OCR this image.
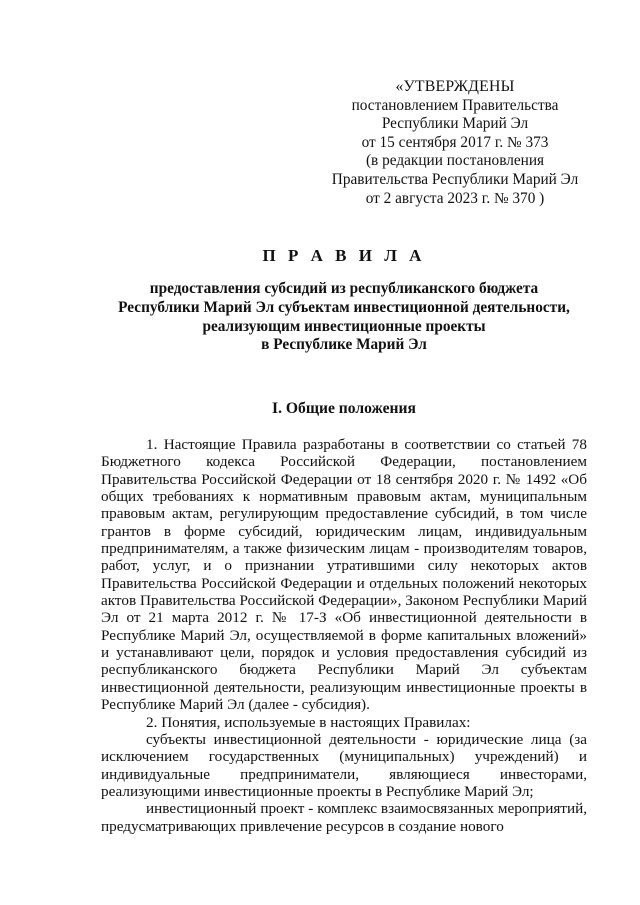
«УТВЕРЖДЕНЫ
постановлением Правительства
Республики Марий Эл
от 15 сентября 2017 г. № 373
(в редакции постановления
Правительства Республики Марий Эл
от 2 августа 2023 г. № 370 )
П Р А В И Л А
предоставления субсидий из республиканского бюджета
Республики Марий Эл субъектам инвестиционной деятельности,
реализующим инвестиционные проекты
в Республике Марий Эл
I. Общие положения

1. Настоящие Правила разработаны в соответствии со статьей 78 Бюджетного кодекса Российской Федерации, постановлением Правительства Российской Федерации от 18 сентября 2020 г. № 1492 «Об общих требованиях к нормативным правовым актам, муниципальным правовым актам, регулирующим предоставление субсидий, в том числе грантов в форме субсидий, юридическим лицам, индивидуальным предпринимателям, а также физическим лицам - производителям товаров, работ, услуг, и о признании утратившими силу некоторых актов Правительства Российской Федерации и отдельных положений некоторых актов Правительства Российской Федерации», Законом Республики Марий Эл от 21 марта 2012 г. № 17-З «Об инвестиционной деятельности в Республике Марий Эл, осуществляемой в форме капитальных вложений» и устанавливают цели, порядок и условия предоставления субсидий из республиканского бюджета Республики Марий Эл субъектам инвестиционной деятельности, реализующим инвестиционные проекты в Республике Марий Эл (далее - субсидия).

2. Понятия, используемые в настоящих Правилах:

субъекты инвестиционной деятельности - юридические лица (за исключением государственных (муниципальных) учреждений) и индивидуальные предприниматели, являющиеся инвесторами, реализующими инвестиционные проекты в Республике Марий Эл;

инвестиционный проект - комплекс взаимосвязанных мероприятий, предусматривающих привлечение ресурсов в создание нового
